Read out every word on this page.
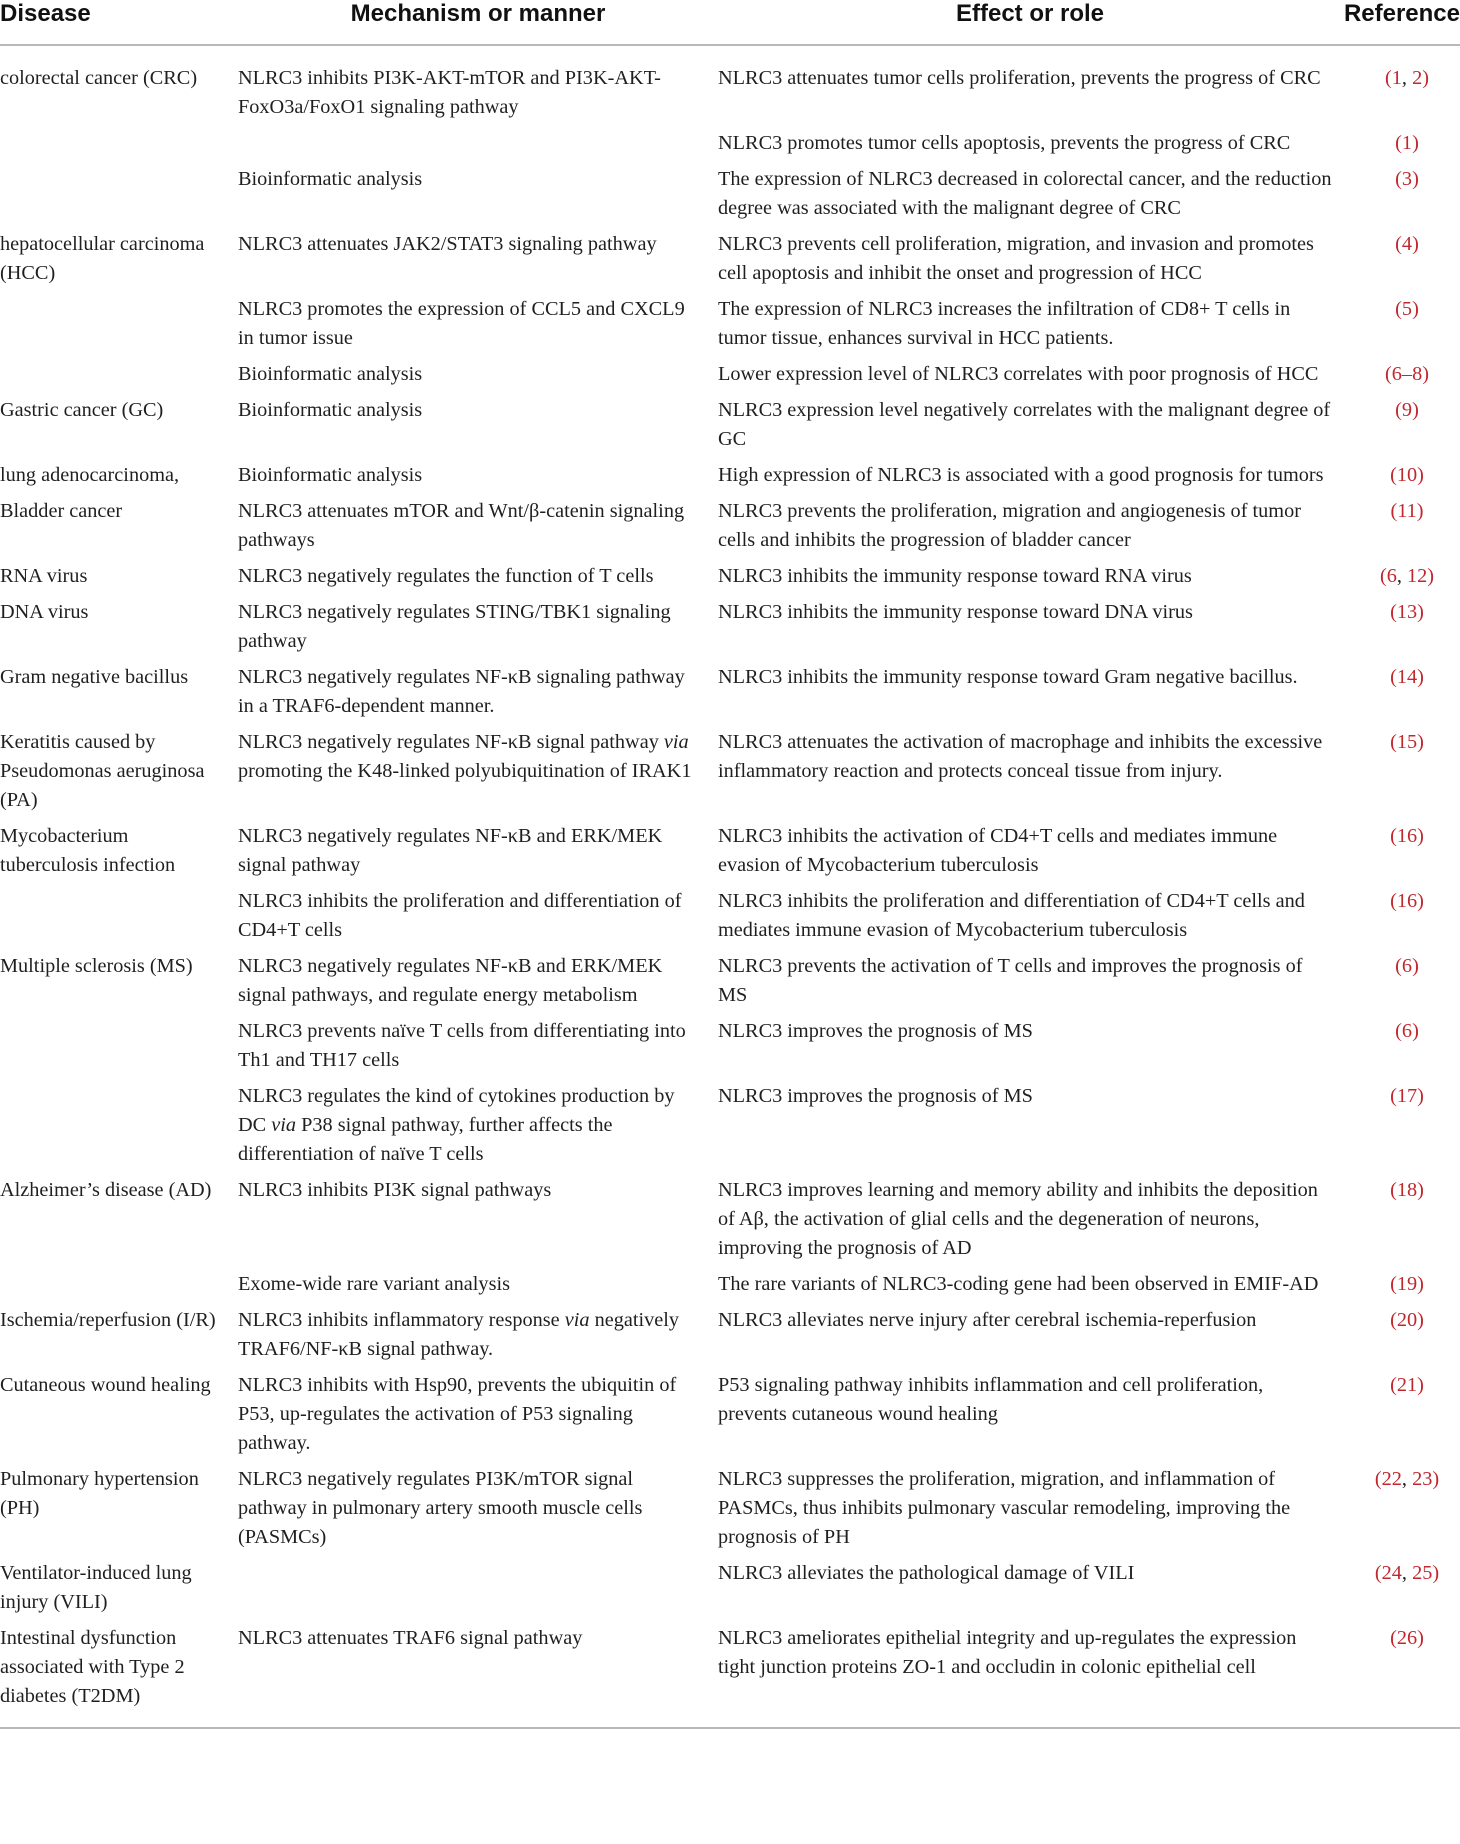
Disease	Mechanism or manner	Effect or role	Reference
colorectal cancer (CRC)	NLRC3 inhibits PI3K-AKT-mTOR and PI3K-AKT-FoxO3a/FoxO1 signaling pathway	NLRC3 attenuates tumor cells proliferation, prevents the progress of CRC	(1, 2)
		NLRC3 promotes tumor cells apoptosis, prevents the progress of CRC	(1)
	Bioinformatic analysis	The expression of NLRC3 decreased in colorectal cancer, and the reduction degree was associated with the malignant degree of CRC	(3)
hepatocellular carcinoma (HCC)	NLRC3 attenuates JAK2/STAT3 signaling pathway	NLRC3 prevents cell proliferation, migration, and invasion and promotes cell apoptosis and inhibit the onset and progression of HCC	(4)
	NLRC3 promotes the expression of CCL5 and CXCL9 in tumor issue	The expression of NLRC3 increases the infiltration of CD8+ T cells in tumor tissue, enhances survival in HCC patients.	(5)
	Bioinformatic analysis	Lower expression level of NLRC3 correlates with poor prognosis of HCC	(6–8)
Gastric cancer (GC)	Bioinformatic analysis	NLRC3 expression level negatively correlates with the malignant degree of GC	(9)
lung adenocarcinoma,	Bioinformatic analysis	High expression of NLRC3 is associated with a good prognosis for tumors	(10)
Bladder cancer	NLRC3 attenuates mTOR and Wnt/β-catenin signaling pathways	NLRC3 prevents the proliferation, migration and angiogenesis of tumor cells and inhibits the progression of bladder cancer	(11)
RNA virus	NLRC3 negatively regulates the function of T cells	NLRC3 inhibits the immunity response toward RNA virus	(6, 12)
DNA virus	NLRC3 negatively regulates STING/TBK1 signaling pathway	NLRC3 inhibits the immunity response toward DNA virus	(13)
Gram negative bacillus	NLRC3 negatively regulates NF-κB signaling pathway in a TRAF6-dependent manner.	NLRC3 inhibits the immunity response toward Gram negative bacillus.	(14)
Keratitis caused by Pseudomonas aeruginosa (PA)	NLRC3 negatively regulates NF-κB signal pathway via promoting the K48-linked polyubiquitination of IRAK1	NLRC3 attenuates the activation of macrophage and inhibits the excessive inflammatory reaction and protects conceal tissue from injury.	(15)
Mycobacterium tuberculosis infection	NLRC3 negatively regulates NF-κB and ERK/MEK signal pathway	NLRC3 inhibits the activation of CD4+T cells and mediates immune evasion of Mycobacterium tuberculosis	(16)
	NLRC3 inhibits the proliferation and differentiation of CD4+T cells	NLRC3 inhibits the proliferation and differentiation of CD4+T cells and mediates immune evasion of Mycobacterium tuberculosis	(16)
Multiple sclerosis (MS)	NLRC3 negatively regulates NF-κB and ERK/MEK signal pathways, and regulate energy metabolism	NLRC3 prevents the activation of T cells and improves the prognosis of MS	(6)
	NLRC3 prevents naïve T cells from differentiating into Th1 and TH17 cells	NLRC3 improves the prognosis of MS	(6)
	NLRC3 regulates the kind of cytokines production by DC via P38 signal pathway, further affects the differentiation of naïve T cells	NLRC3 improves the prognosis of MS	(17)
Alzheimer’s disease (AD)	NLRC3 inhibits PI3K signal pathways	NLRC3 improves learning and memory ability and inhibits the deposition of Aβ, the activation of glial cells and the degeneration of neurons, improving the prognosis of AD	(18)
	Exome-wide rare variant analysis	The rare variants of NLRC3-coding gene had been observed in EMIF-AD	(19)
Ischemia/reperfusion (I/R)	NLRC3 inhibits inflammatory response via negatively TRAF6/NF-κB signal pathway.	NLRC3 alleviates nerve injury after cerebral ischemia-reperfusion	(20)
Cutaneous wound healing	NLRC3 inhibits with Hsp90, prevents the ubiquitin of P53, up-regulates the activation of P53 signaling pathway.	P53 signaling pathway inhibits inflammation and cell proliferation, prevents cutaneous wound healing	(21)
Pulmonary hypertension (PH)	NLRC3 negatively regulates PI3K/mTOR signal pathway in pulmonary artery smooth muscle cells (PASMCs)	NLRC3 suppresses the proliferation, migration, and inflammation of PASMCs, thus inhibits pulmonary vascular remodeling, improving the prognosis of PH	(22, 23)
Ventilator-induced lung injury (VILI)		NLRC3 alleviates the pathological damage of VILI	(24, 25)
Intestinal dysfunction associated with Type 2 diabetes (T2DM)	NLRC3 attenuates TRAF6 signal pathway	NLRC3 ameliorates epithelial integrity and up-regulates the expression tight junction proteins ZO-1 and occludin in colonic epithelial cell	(26)
